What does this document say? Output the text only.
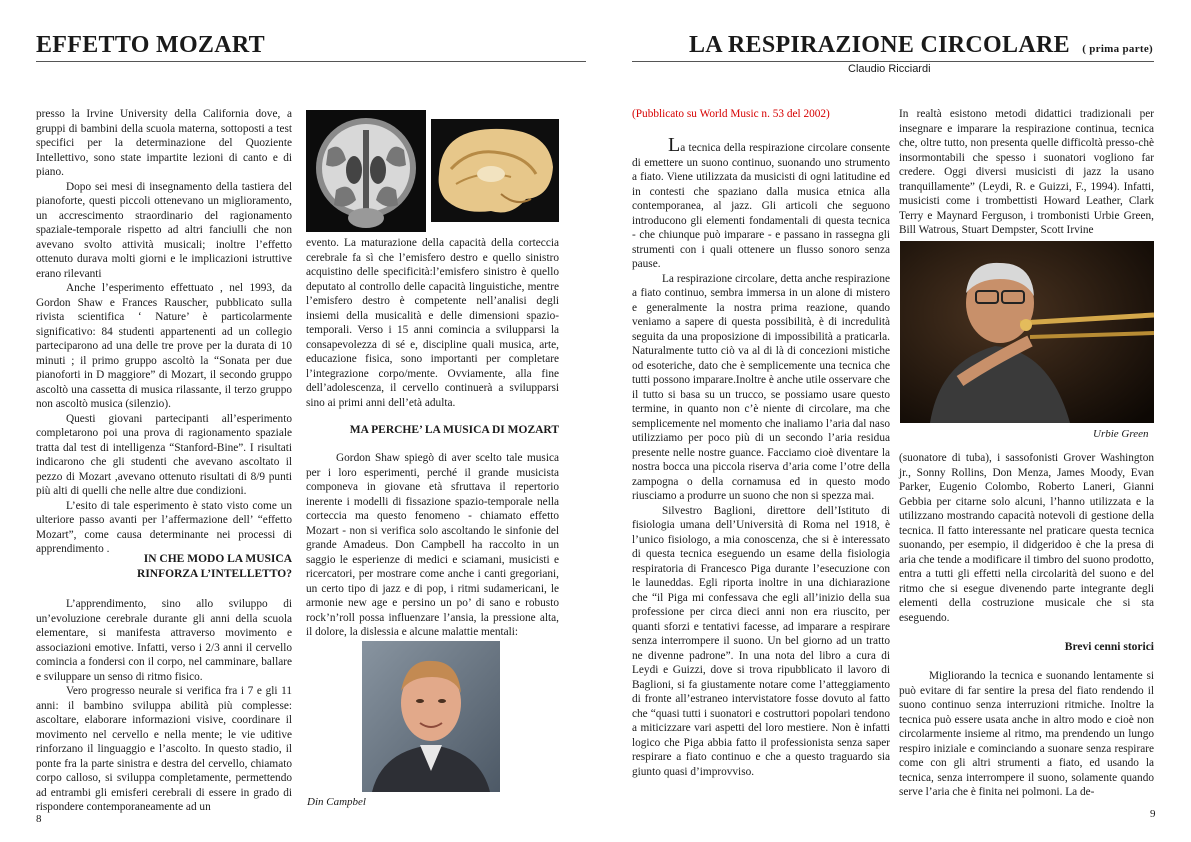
EFFETTO MOZART

presso la Irvine University della California dove, a gruppi di bambini della scuola materna, sottoposti a test specifici per la determinazione del Quoziente Intellettivo, sono state impartite lezioni di canto e di piano.

Dopo sei mesi di insegnamento della tastiera del pianoforte, questi piccoli ottenevano un miglioramento, un accrescimento straordinario del ragionamento spaziale-temporale rispetto ad altri fanciulli che non avevano svolto attività musicali; inoltre l’effetto ottenuto durava molti giorni e le implicazioni istruttive erano rilevanti

Anche l’esperimento effettuato , nel 1993, da Gordon Shaw e Frances Rauscher, pubblicato sulla rivista scientifica ‘ Nature’ è particolarmente significativo: 84 studenti appartenenti ad un collegio parteciparono ad una delle tre prove per la durata di 10 minuti ; il primo gruppo ascoltò la “Sonata per due pianoforti in D maggiore” di Mozart, il secondo gruppo ascoltò una cassetta di musica rilassante, il terzo gruppo non ascoltò musica (silenzio).

Questi giovani partecipanti all’esperimento completarono poi una prova di ragionamento spaziale tratta dal test di intelligenza “Stanford-Bine”. I risultati indicarono che gli studenti che avevano ascoltato il pezzo di Mozart ,avevano ottenuto risultati di 8/9 punti più alti di quelli che nelle altre due condizioni.

L’esito di tale esperimento è stato visto come un ulteriore passo avanti per l’affermazione dell’ “effetto Mozart”, come causa determinante nei processi di apprendimento .

IN CHE MODO LA MUSICA
RINFORZA L’INTELLETTO?

L’apprendimento, sino allo sviluppo di un’evoluzione cerebrale durante gli anni della scuola elementare, si manifesta attraverso movimento e associazioni emotive. Infatti, verso i 2/3 anni il cervello comincia a fondersi con il corpo, nel camminare, ballare e sviluppare un senso di ritmo fisico.

Vero progresso neurale si verifica fra i 7 e gli 11 anni: il bambino sviluppa abilità più complesse: ascoltare, elaborare informazioni visive, coordinare il movimento nel cervello e nella mente; le vie uditive rinforzano il linguaggio e l’ascolto. In questo stadio, il ponte fra la parte sinistra e destra del cervello, chiamato corpo calloso, si sviluppa completamente, permettendo ad entrambi gli emisferi cerebrali di essere in grado di rispondere contemporaneamente ad un

evento. La maturazione della capacità della corteccia cerebrale fa sì che l’emisfero destro e quello sinistro acquistino delle specificità:l’emisfero sinistro è quello deputato al controllo delle capacità linguistiche, mentre l’emisfero destro è competente nell’analisi degli insiemi della musicalità e delle dimensioni spazio-temporali. Verso i 15 anni comincia a svilupparsi la consapevolezza di sé e, discipline quali musica, arte, educazione fisica, sono importanti per completare l’integrazione corpo/mente. Ovviamente, alla fine dell’adolescenza, il cervello continuerà a svilupparsi sino ai primi anni dell’età adulta.

MA PERCHE’ LA MUSICA DI MOZART

Gordon Shaw spiegò di aver scelto tale musica per i loro esperimenti, perché il grande musicista componeva in giovane età sfruttava il repertorio inerente i modelli di fissazione spazio-temporale nella corteccia ma questo fenomeno - chiamato effetto Mozart - non si verifica solo ascoltando le sinfonie del grande Amadeus. Don Campbell ha raccolto in un saggio le esperienze di medici e sciamani, musicisti e ricercatori, per mostrare come anche i canti gregoriani, un certo tipo di jazz e di pop, i ritmi sudamericani, le armonie new age e persino un po’ di sano e robusto rock’n’roll possa influenzare l’ansia, la pressione alta, il dolore, la dislessia e alcune malattie mentali:

Din Campbel
8
LA RESPIRAZIONE CIRCOLARE ( prima parte)
Claudio Ricciardi
(Pubblicato su World Music n. 53 del 2002)

La tecnica della respirazione circolare consente di emettere un suono continuo, suonando uno strumento a fiato. Viene utilizzata da musicisti di ogni latitudine ed in contesti che spaziano dalla musica etnica alla contemporanea, al jazz. Gli articoli che seguono introducono gli elementi fondamentali di questa tecnica - che chiunque può imparare - e passano in rassegna gli strumenti con i quali ottenere un flusso sonoro senza pause.

La respirazione circolare, detta anche respirazione a fiato continuo, sembra immersa in un alone di mistero e generalmente la nostra prima reazione, quando veniamo a sapere di questa possibilità, è di incredulità seguita da una proposizione di impossibilità a praticarla. Naturalmente tutto ciò va al di là di concezioni mistiche od esoteriche, dato che è semplicemente una tecnica che tutti possono imparare.Inoltre è anche utile osservare che il tutto si basa su un trucco, se possiamo usare questo termine, in quanto non c’è niente di circolare, ma che semplicemente nel momento che inaliamo l’aria dal naso utilizziamo per poco più di un secondo l’aria residua presente nelle nostre guance. Facciamo cioè diventare la nostra bocca una piccola riserva d’aria come l’otre della zampogna o della cornamusa ed in questo modo riusciamo a produrre un suono che non si spezza mai.

Silvestro Baglioni, direttore dell’Istituto di fisiologia umana dell’Università di Roma nel 1918, è l’unico fisiologo, a mia conoscenza, che si è interessato di questa tecnica eseguendo un esame della fisiologia respiratoria di Francesco Piga durante l’esecuzione con le launeddas. Egli riporta inoltre in una dichiarazione che “il Piga mi confessava che egli all’inizio della sua professione per circa dieci anni non era riuscito, per quanti sforzi e tentativi facesse, ad imparare a respirare senza interrompere il suono. Un bel giorno ad un tratto ne divenne padrone”. In una nota del libro a cura di Leydi e Guizzi, dove si trova ripubblicato il lavoro di Baglioni, si fa giustamente notare come l’atteggiamento di fronte all’estraneo intervistatore fosse dovuto al fatto che “quasi tutti i suonatori e costruttori popolari tendono a miticizzare vari aspetti del loro mestiere. Non è infatti logico che Piga abbia fatto il professionista senza saper respirare a fiato continuo e che a questo traguardo sia giunto quasi d’improvviso.

In realtà esistono metodi didattici tradizionali per insegnare e imparare la respirazione continua, tecnica che, oltre tutto, non presenta quelle difficoltà presso-chè insormontabili che spesso i suonatori vogliono far credere. Oggi diversi musicisti di jazz la usano tranquillamente” (Leydi, R. e Guizzi, F., 1994). Infatti, musicisti come i trombettisti Howard Leather, Clark Terry e Maynard Ferguson, i trombonisti Urbie Green, Bill Watrous, Stuart Dempster, Scott Irvine

Urbie Green

(suonatore di tuba), i sassofonisti Grover Washington jr., Sonny Rollins, Don Menza, James Moody, Evan Parker, Eugenio Colombo, Roberto Laneri, Gianni Gebbia per citarne solo alcuni, l’hanno utilizzata e la utilizzano mostrando capacità notevoli di gestione della tecnica. Il fatto interessante nel praticare questa tecnica suonando, per esempio, il didgeridoo è che la presa di aria che tende a modificare il timbro del suono prodotto, entra a tutti gli effetti nella circolarità del suono e del ritmo che si esegue divenendo parte integrante degli elementi della costruzione musicale che si sta eseguendo.

Brevi cenni storici

Migliorando la tecnica e suonando lentamente si può evitare di far sentire la presa del fiato rendendo il suono continuo senza interruzioni ritmiche. Inoltre la tecnica può essere usata anche in altro modo e cioè non circolarmente insieme al ritmo, ma prendendo un lungo respiro iniziale e cominciando a suonare senza respirare come con gli altri strumenti a fiato, ed usando la tecnica, senza interrompere il suono, solamente quando serve l’aria che è finita nei polmoni. La de-

9
